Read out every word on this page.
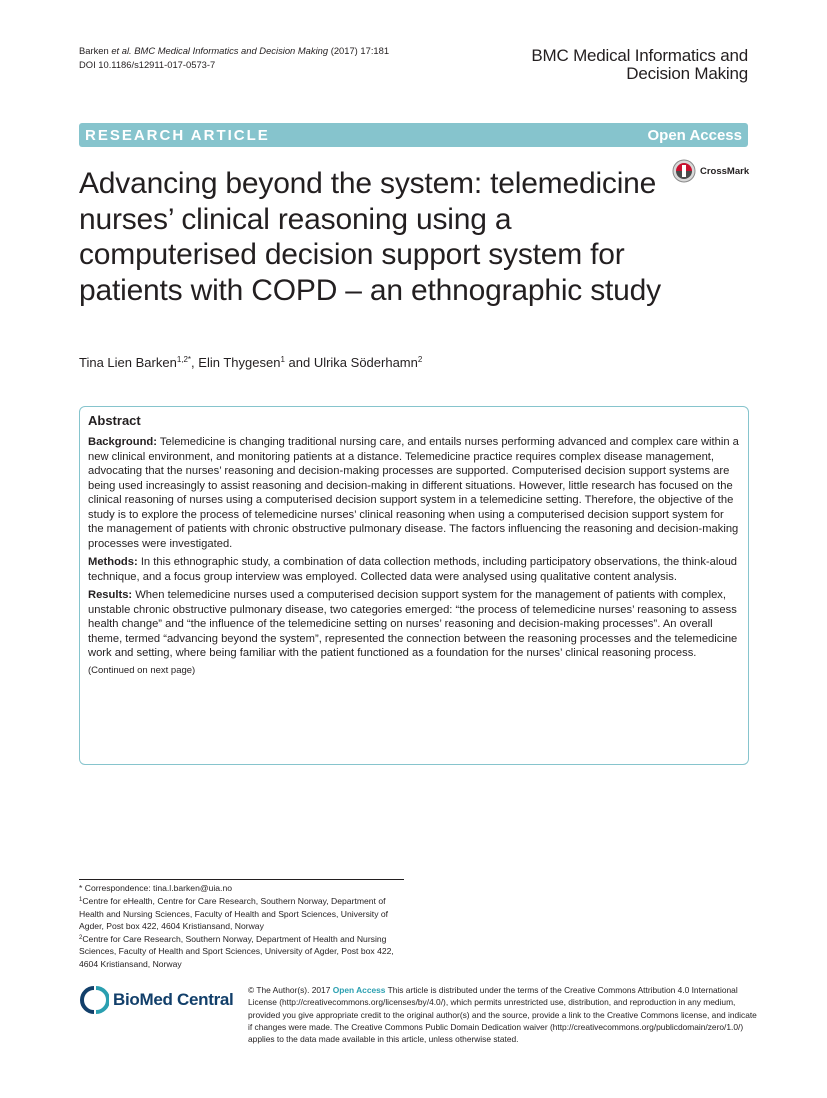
Barken et al. BMC Medical Informatics and Decision Making (2017) 17:181
DOI 10.1186/s12911-017-0573-7	BMC Medical Informatics and
Decision Making
RESEARCH ARTICLE	Open Access
CrossMark
Advancing beyond the system: telemedicine nurses’ clinical reasoning using a computerised decision support system for patients with COPD – an ethnographic study
Tina Lien Barken$^{1,2*}$, Elin Thygesen$^1$ and Ulrika Söderhamn$^2$
Abstract

Background: Telemedicine is changing traditional nursing care, and entails nurses performing advanced and complex care within a new clinical environment, and monitoring patients at a distance. Telemedicine practice requires complex disease management, advocating that the nurses’ reasoning and decision-making processes are supported. Computerised decision support systems are being used increasingly to assist reasoning and decision-making in different situations. However, little research has focused on the clinical reasoning of nurses using a computerised decision support system in a telemedicine setting. Therefore, the objective of the study is to explore the process of telemedicine nurses’ clinical reasoning when using a computerised decision support system for the management of patients with chronic obstructive pulmonary disease. The factors influencing the reasoning and decision-making processes were investigated.

Methods: In this ethnographic study, a combination of data collection methods, including participatory observations, the think-aloud technique, and a focus group interview was employed. Collected data were analysed using qualitative content analysis.

Results: When telemedicine nurses used a computerised decision support system for the management of patients with complex, unstable chronic obstructive pulmonary disease, two categories emerged: “the process of telemedicine nurses’ reasoning to assess health change” and “the influence of the telemedicine setting on nurses’ reasoning and decision-making processes”. An overall theme, termed “advancing beyond the system”, represented the connection between the reasoning processes and the telemedicine work and setting, where being familiar with the patient functioned as a foundation for the nurses’ clinical reasoning process.

(Continued on next page)
* Correspondence: tina.l.barken@uia.no
$^1$Centre for eHealth, Centre for Care Research, Southern Norway, Department of Health and Nursing Sciences, Faculty of Health and Sport Sciences, University of Agder, Post box 422, 4604 Kristiansand, Norway
$^2$Centre for Care Research, Southern Norway, Department of Health and Nursing Sciences, Faculty of Health and Sport Sciences, University of Agder, Post box 422, 4604 Kristiansand, Norway
BioMed Central © The Author(s). 2017 Open Access This article is distributed under the terms of the Creative Commons Attribution 4.0 International License (http://creativecommons.org/licenses/by/4.0/), which permits unrestricted use, distribution, and reproduction in any medium, provided you give appropriate credit to the original author(s) and the source, provide a link to the Creative Commons license, and indicate if changes were made. The Creative Commons Public Domain Dedication waiver (http://creativecommons.org/publicdomain/zero/1.0/) applies to the data made available in this article, unless otherwise stated.
